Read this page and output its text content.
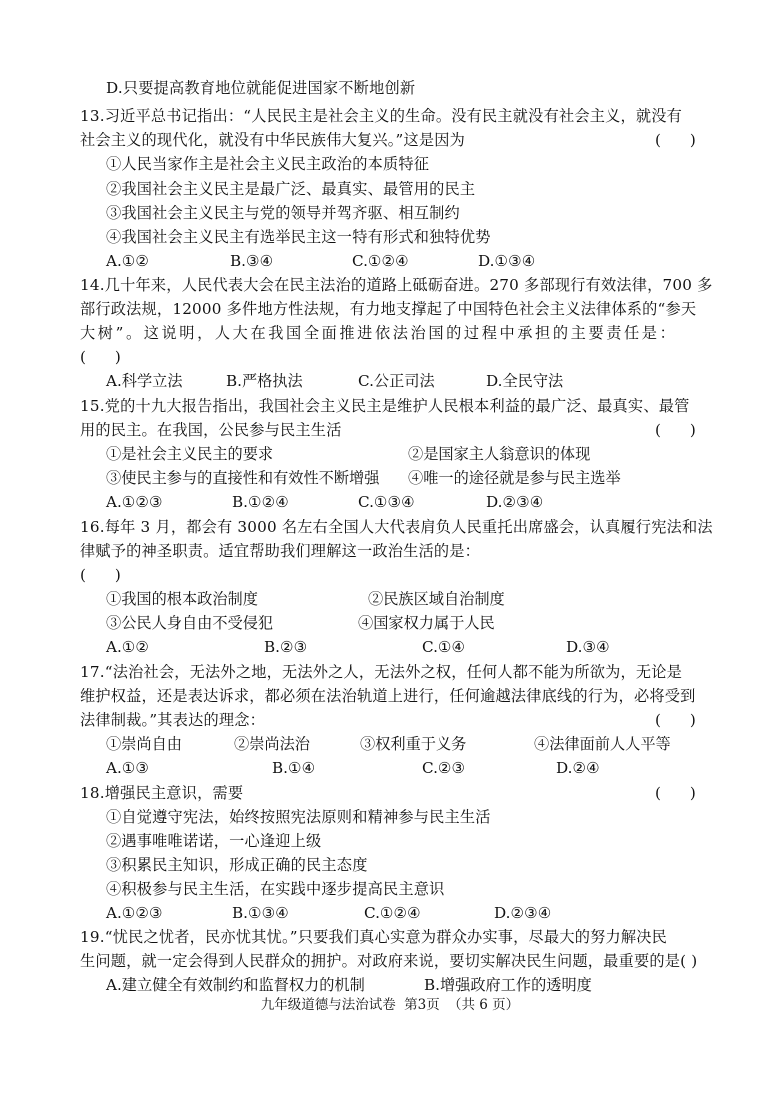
D.只要提高教育地位就能促进国家不断地创新
13.习近平总书记指出：“人民民主是社会主义的生命。没有民主就没有社会主义，就没有
社会主义的现代化，就没有中华民族伟大复兴。”这是因为	(      )
①人民当家作主是社会主义民主政治的本质特征
②我国社会主义民主是最广泛、最真实、最管用的民主
③我国社会主义民主与党的领导并驾齐驱、相互制约
④我国社会主义民主有选举民主这一特有形式和独特优势
A.①②	B.③④	C.①②④	D.①③④
14.几十年来，人民代表大会在民主法治的道路上砥砺奋进。270 多部现行有效法律，700 多
部行政法规，12000 多件地方性法规，有力地支撑起了中国特色社会主义法律体系的“参天
大树”。这说明，人大在我国全面推进依法治国的过程中承担的主要责任是：
(      )
A.科学立法	B.严格执法	C.公正司法	D.全民守法
15.党的十九大报告指出，我国社会主义民主是维护人民根本利益的最广泛、最真实、最管
用的民主。在我国，公民参与民主生活	(      )
①是社会主义民主的要求	②是国家主人翁意识的体现
③使民主参与的直接性和有效性不断增强 ④唯一的途径就是参与民主选举
A.①②③	B.①②④	C.①③④	D.②③④
16.每年 3 月，都会有 3000 名左右全国人大代表肩负人民重托出席盛会，认真履行宪法和法
律赋予的神圣职责。适宜帮助我们理解这一政治生活的是：
(      )
①我国的根本政治制度	②民族区域自治制度
③公民人身自由不受侵犯	④国家权力属于人民
A.①②	B.②③	C.①④	D.③④
17.“法治社会，无法外之地，无法外之人，无法外之权，任何人都不能为所欲为，无论是
维护权益，还是表达诉求，都必须在法治轨道上进行，任何逾越法律底线的行为，必将受到
法律制裁。”其表达的理念：	(      )
①崇尚自由	②崇尚法治	③权利重于义务	④法律面前人人平等
A.①③	B.①④	C.②③	D.②④
18.增强民主意识，需要	(      )
①自觉遵守宪法，始终按照宪法原则和精神参与民主生活
②遇事唯唯诺诺，一心逢迎上级
③积累民主知识，形成正确的民主态度
④积极参与民主生活，在实践中逐步提高民主意识
A.①②③	B.①③④	C.①②④	D.②③④
19.“忧民之忧者，民亦忧其忧。”只要我们真心实意为群众办实事，尽最大的努力解决民
生问题，就一定会得到人民群众的拥护。对政府来说，要切实解决民生问题，最重要的是( )
A.建立健全有效制约和监督权力的机制	B.增强政府工作的透明度
九年级道德与法治试卷 第3页 （共 6 页）
